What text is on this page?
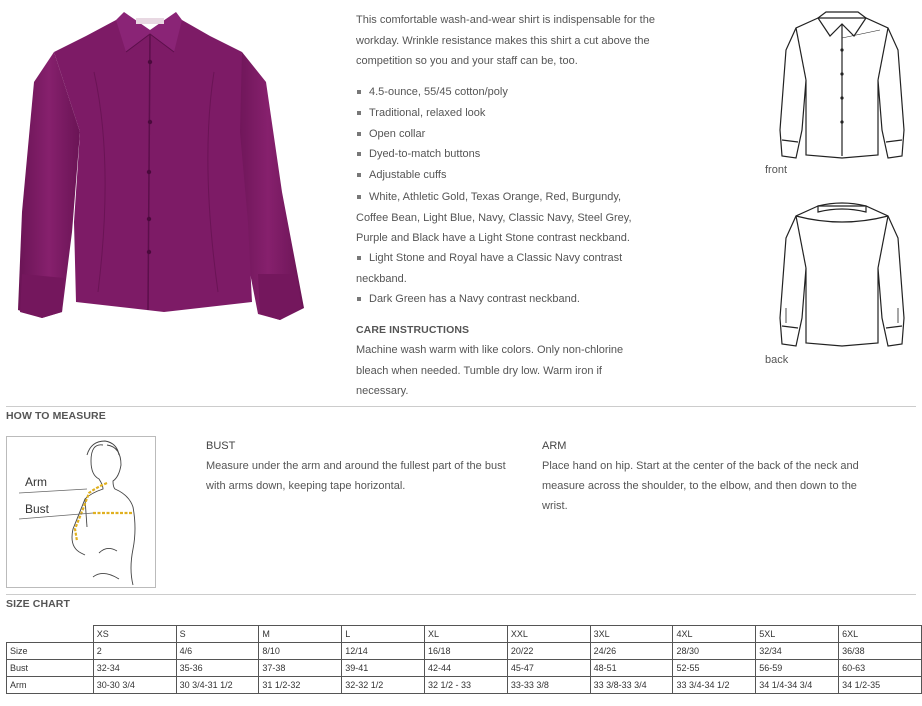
This comfortable wash-and-wear shirt is indispensable for the workday. Wrinkle resistance makes this shirt a cut above the competition so you and your staff can be, too.
4.5-ounce, 55/45 cotton/poly
Traditional, relaxed look
Open collar
Dyed-to-match buttons
Adjustable cuffs
White, Athletic Gold, Texas Orange, Red, Burgundy, Coffee Bean, Light Blue, Navy, Classic Navy, Steel Grey, Purple and Black have a Light Stone contrast neckband.
Light Stone and Royal have a Classic Navy contrast neckband.
Dark Green has a Navy contrast neckband.
CARE INSTRUCTIONS
Machine wash warm with like colors. Only non-chlorine bleach when needed. Tumble dry low. Warm iron if necessary.
front
back
HOW TO MEASURE
Arm
Bust
BUST
Measure under the arm and around the fullest part of the bust with arms down, keeping tape horizontal.
ARM
Place hand on hip. Start at the center of the back of the neck and measure across the shoulder, to the elbow, and then down to the wrist.
SIZE CHART
	XS	S	M	L	XL	XXL	3XL	4XL	5XL	6XL
Size	2	4/6	8/10	12/14	16/18	20/22	24/26	28/30	32/34	36/38
Bust	32-34	35-36	37-38	39-41	42-44	45-47	48-51	52-55	56-59	60-63
Arm	30-30 3/4	30 3/4-31 1/2	31 1/2-32	32-32 1/2	32 1/2 - 33	33-33 3/8	33 3/8-33 3/4	33 3/4-34 1/2	34 1/4-34 3/4	34 1/2-35
